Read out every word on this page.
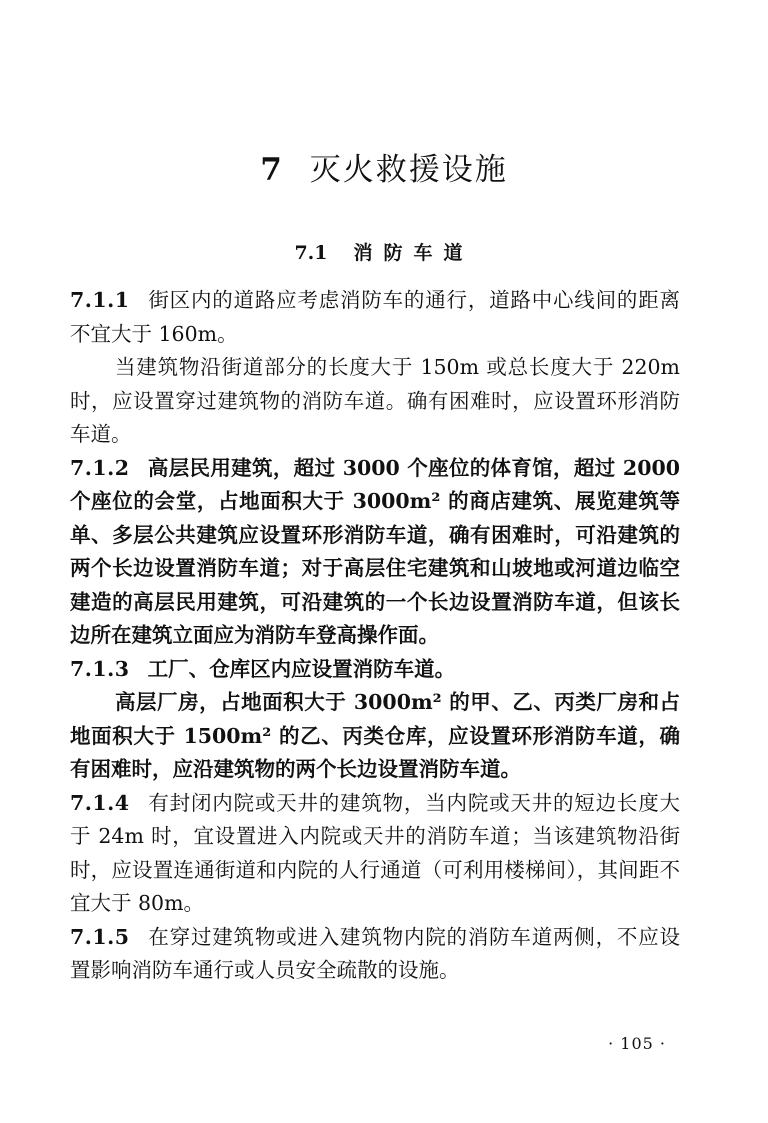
7 灭火救援设施
7.1 消防车道

7.1.1 街区内的道路应考虑消防车的通行，道路中心线间的距离不宜大于 160m。

当建筑物沿街道部分的长度大于 150m 或总长度大于 220m 时，应设置穿过建筑物的消防车道。确有困难时，应设置环形消防车道。

7.1.2 高层民用建筑，超过 3000 个座位的体育馆，超过 2000 个座位的会堂，占地面积大于 3000m² 的商店建筑、展览建筑等单、多层公共建筑应设置环形消防车道，确有困难时，可沿建筑的两个长边设置消防车道；对于高层住宅建筑和山坡地或河道边临空建造的高层民用建筑，可沿建筑的一个长边设置消防车道，但该长边所在建筑立面应为消防车登高操作面。

7.1.3 工厂、仓库区内应设置消防车道。

高层厂房，占地面积大于 3000m² 的甲、乙、丙类厂房和占地面积大于 1500m² 的乙、丙类仓库，应设置环形消防车道，确有困难时，应沿建筑物的两个长边设置消防车道。

7.1.4 有封闭内院或天井的建筑物，当内院或天井的短边长度大于 24m 时，宜设置进入内院或天井的消防车道；当该建筑物沿街时，应设置连通街道和内院的人行通道（可利用楼梯间），其间距不宜大于 80m。

7.1.5 在穿过建筑物或进入建筑物内院的消防车道两侧，不应设置影响消防车通行或人员安全疏散的设施。

· 105 ·
